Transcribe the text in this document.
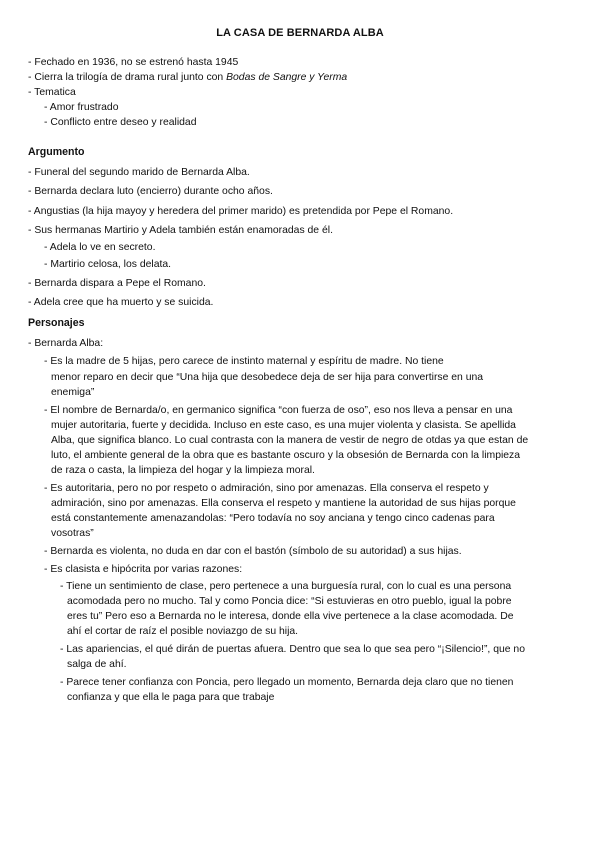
LA CASA DE BERNARDA ALBA
- Fechado en 1936, no se estrenó hasta 1945
- Cierra la trilogía de drama rural junto con Bodas de Sangre y Yerma
- Tematica
- Amor frustrado
- Conflicto entre deseo y realidad
Argumento
- Funeral del segundo marido de Bernarda Alba.
- Bernarda declara luto (encierro) durante ocho años.
- Angustias (la hija mayoy y heredera del primer marido) es pretendida por Pepe el Romano.
- Sus hermanas Martirio y Adela también están enamoradas de él.
- Adela lo ve en secreto.
- Martirio celosa, los delata.
- Bernarda dispara a Pepe el Romano.
- Adela cree que ha muerto y se suicida.
Personajes
- Bernarda Alba:
- Es la madre de 5 hijas, pero carece de instinto maternal y espíritu de madre. No tiene
menor reparo en decir que “Una hija que desobedece deja de ser hija para convertirse en una
enemiga”
- El nombre de Bernarda/o, en germanico significa “con fuerza de oso”, eso nos lleva a pensar en una
mujer autoritaria, fuerte y decidida. Incluso en este caso, es una mujer violenta y clasista. Se apellida
Alba, que significa blanco. Lo cual contrasta con la manera de vestir de negro de otdas ya que estan de
luto, el ambiente general de la obra que es bastante oscuro y la obsesión de Bernarda con la limpieza
de raza o casta, la limpieza del hogar y la limpieza moral.
- Es autoritaria, pero no por respeto o admiración, sino por amenazas. Ella conserva el respeto y
admiración, sino por amenazas. Ella conserva el respeto y mantiene la autoridad de sus hijas porque
está constantemente amenazandolas: “Pero todavía no soy anciana y tengo cinco cadenas para
vosotras”
- Bernarda es violenta, no duda en dar con el bastón (símbolo de su autoridad) a sus hijas.
- Es clasista e hipócrita por varias razones:
- Tiene un sentimiento de clase, pero pertenece a una burguesía rural, con lo cual es una persona
acomodada pero no mucho. Tal y como Poncia dice: “Si estuvieras en otro pueblo, igual la pobre
eres tu” Pero eso a Bernarda no le interesa, donde ella vive pertenece a la clase acomodada. De
ahí el cortar de raíz el posible noviazgo de su hija.
- Las apariencias, el qué dirán de puertas afuera. Dentro que sea lo que sea pero “¡Silencio!”, que no
salga de ahí.
- Parece tener confianza con Poncia, pero llegado un momento, Bernarda deja claro que no tienen
confianza y que ella le paga para que trabaje
